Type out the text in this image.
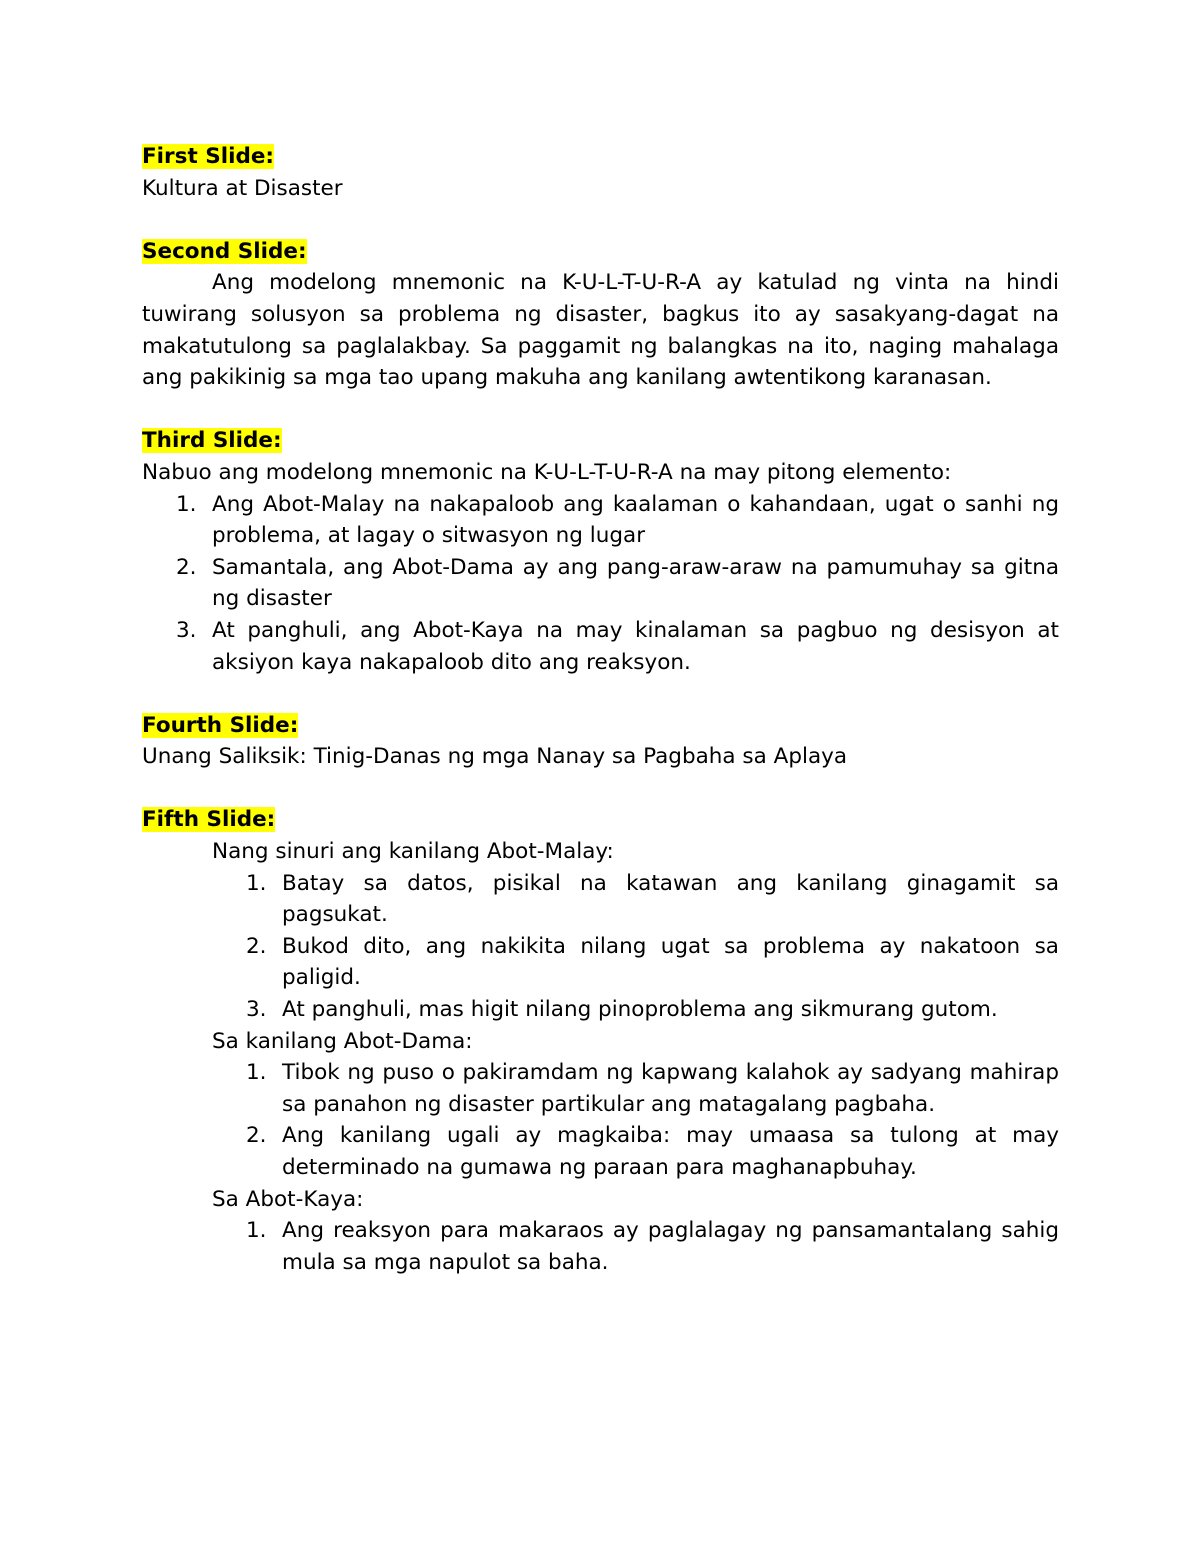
First Slide:
Kultura at Disaster
Second Slide:
Ang modelong mnemonic na K-U-L-T-U-R-A ay katulad ng vinta na hindi tuwirang solusyon sa problema ng disaster, bagkus ito ay sasakyang-dagat na makatutulong sa paglalakbay. Sa paggamit ng balangkas na ito, naging mahalaga ang pakikinig sa mga tao upang makuha ang kanilang awtentikong karanasan.
Third Slide:
Nabuo ang modelong mnemonic na K-U-L-T-U-R-A na may pitong elemento:
1. Ang Abot-Malay na nakapaloob ang kaalaman o kahandaan, ugat o sanhi ng problema, at lagay o sitwasyon ng lugar
2. Samantala, ang Abot-Dama ay ang pang-araw-araw na pamumuhay sa gitna ng disaster
3. At panghuli, ang Abot-Kaya na may kinalaman sa pagbuo ng desisyon at aksiyon kaya nakapaloob dito ang reaksyon.
Fourth Slide:
Unang Saliksik: Tinig-Danas ng mga Nanay sa Pagbaha sa Aplaya
Fifth Slide:
Nang sinuri ang kanilang Abot-Malay:
1. Batay sa datos, pisikal na katawan ang kanilang ginagamit sa pagsukat.
2. Bukod dito, ang nakikita nilang ugat sa problema ay nakatoon sa paligid.
3. At panghuli, mas higit nilang pinoproblema ang sikmurang gutom.
Sa kanilang Abot-Dama:
1. Tibok ng puso o pakiramdam ng kapwang kalahok ay sadyang mahirap sa panahon ng disaster partikular ang matagalang pagbaha.
2. Ang kanilang ugali ay magkaiba: may umaasa sa tulong at may determinado na gumawa ng paraan para maghanapbuhay.
Sa Abot-Kaya:
1. Ang reaksyon para makaraos ay paglalagay ng pansamantalang sahig mula sa mga napulot sa baha.
